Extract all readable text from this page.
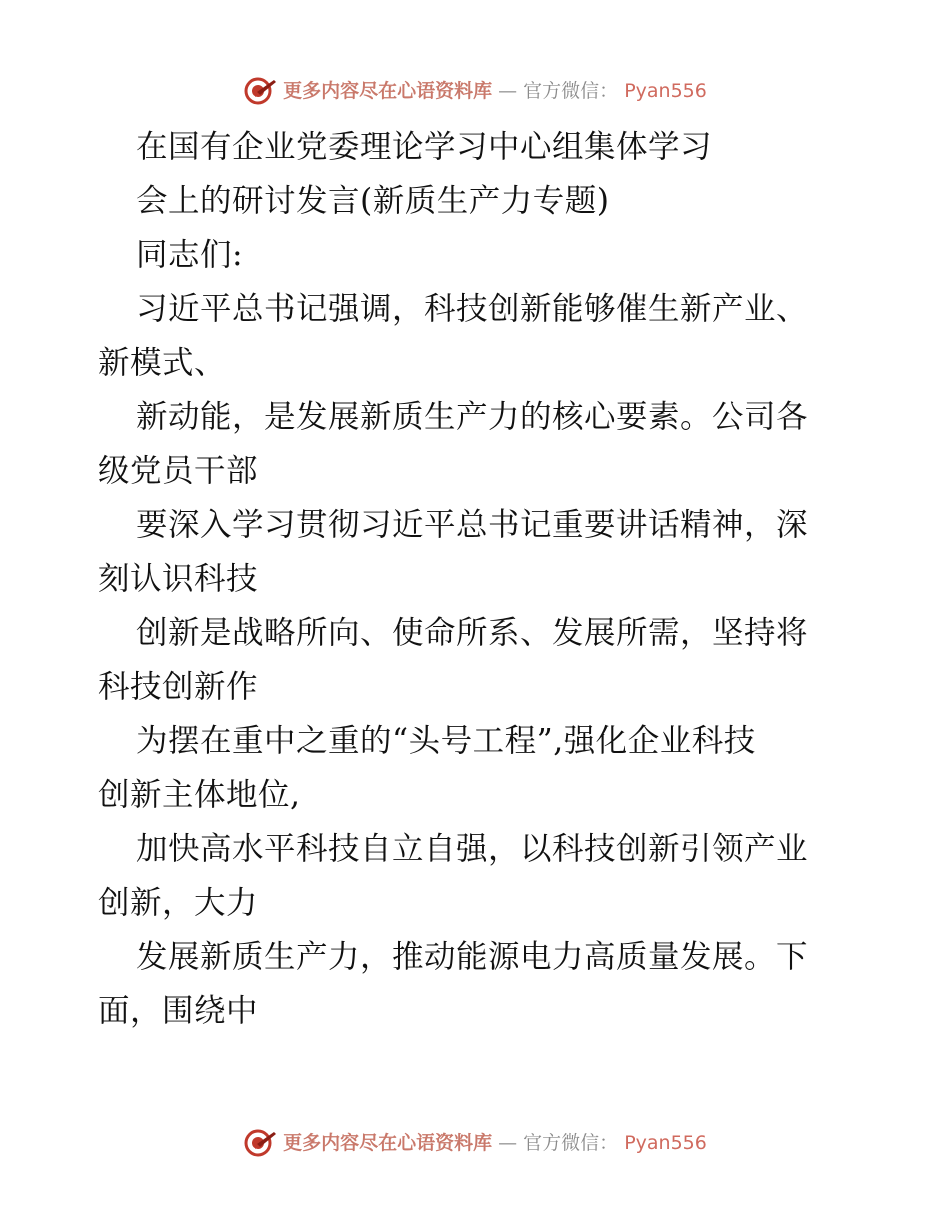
更多内容尽在心语资料库 — 官方微信： Pyan556
在国有企业党委理论学习中心组集体学习
会上的研讨发言(新质生产力专题)
同志们:
习近平总书记强调，科技创新能够催生新产业、
新模式、
新动能，是发展新质生产力的核心要素。公司各
级党员干部
要深入学习贯彻习近平总书记重要讲话精神，深
刻认识科技
创新是战略所向、使命所系、发展所需，坚持将
科技创新作
为摆在重中之重的“头号工程”,强化企业科技
创新主体地位,
加快高水平科技自立自强，以科技创新引领产业
创新，大力
发展新质生产力，推动能源电力高质量发展。下
面，围绕中
更多内容尽在心语资料库 — 官方微信： Pyan556
